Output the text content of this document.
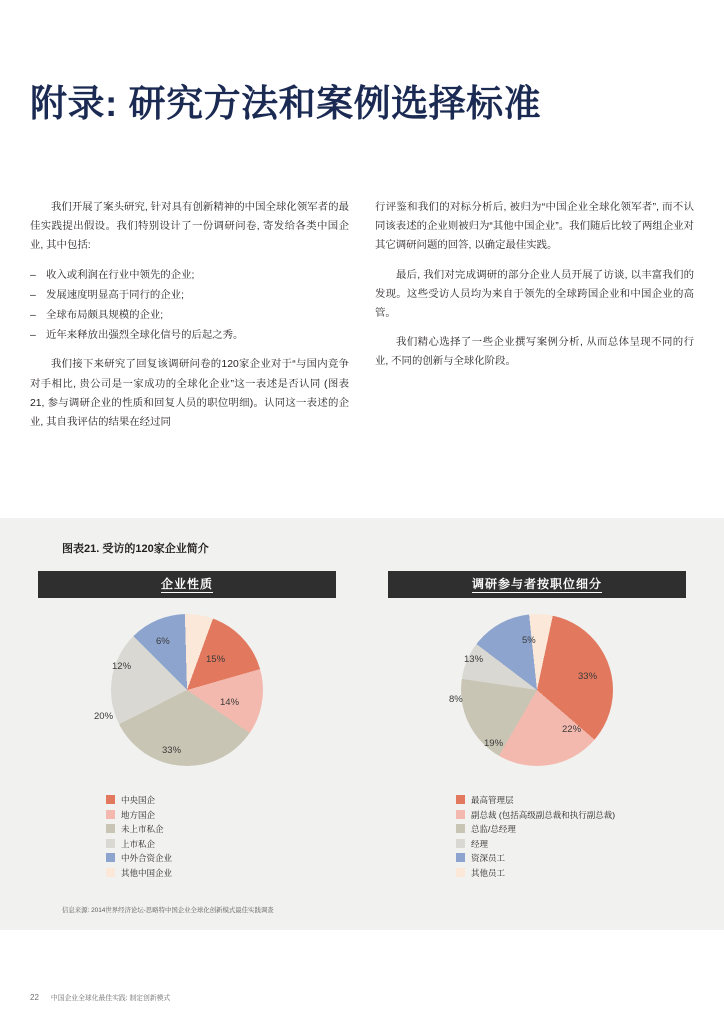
附录: 研究方法和案例选择标准

我们开展了案头研究, 针对具有创新精神的中国全球化领军者的最佳实践提出假设。我们特别设计了一份调研问卷, 寄发给各类中国企业, 其中包括:

– 收入或利润在行业中领先的企业;
– 发展速度明显高于同行的企业;
– 全球布局颇具规模的企业;
– 近年来释放出强烈全球化信号的后起之秀。

我们接下来研究了回复该调研问卷的120家企业对于“与国内竞争对手相比, 贵公司是一家成功的全球化企业”这一表述是否认同 (图表21, 参与调研企业的性质和回复人员的职位明细)。认同这一表述的企业, 其自我评估的结果在经过同

行评鉴和我们的对标分析后, 被归为“中国企业全球化领军者”, 而不认同该表述的企业则被归为“其他中国企业”。我们随后比较了两组企业对其它调研问题的回答, 以确定最佳实践。

最后, 我们对完成调研的部分企业人员开展了访谈, 以丰富我们的发现。这些受访人员均为来自于领先的全球跨国企业和中国企业的高管。

我们精心选择了一些企业撰写案例分析, 从而总体呈现不同的行业, 不同的创新与全球化阶段。

图表21. 受访的120家企业简介
企业性质
15%
14%
33%
20%
12%
6%
中央国企
地方国企
未上市私企
上市私企
中外合资企业
其他中国企业
调研参与者按职位细分
33%
22%
19%
8%
13%
5%
最高管理层
副总裁 (包括高级副总裁和执行副总裁)
总监/总经理
经理
资深员工
其他员工
信息来源: 2014世界经济论坛-思略特中国企业全球化创新模式最佳实践调查
22 中国企业全球化最佳实践: 制定创新模式
